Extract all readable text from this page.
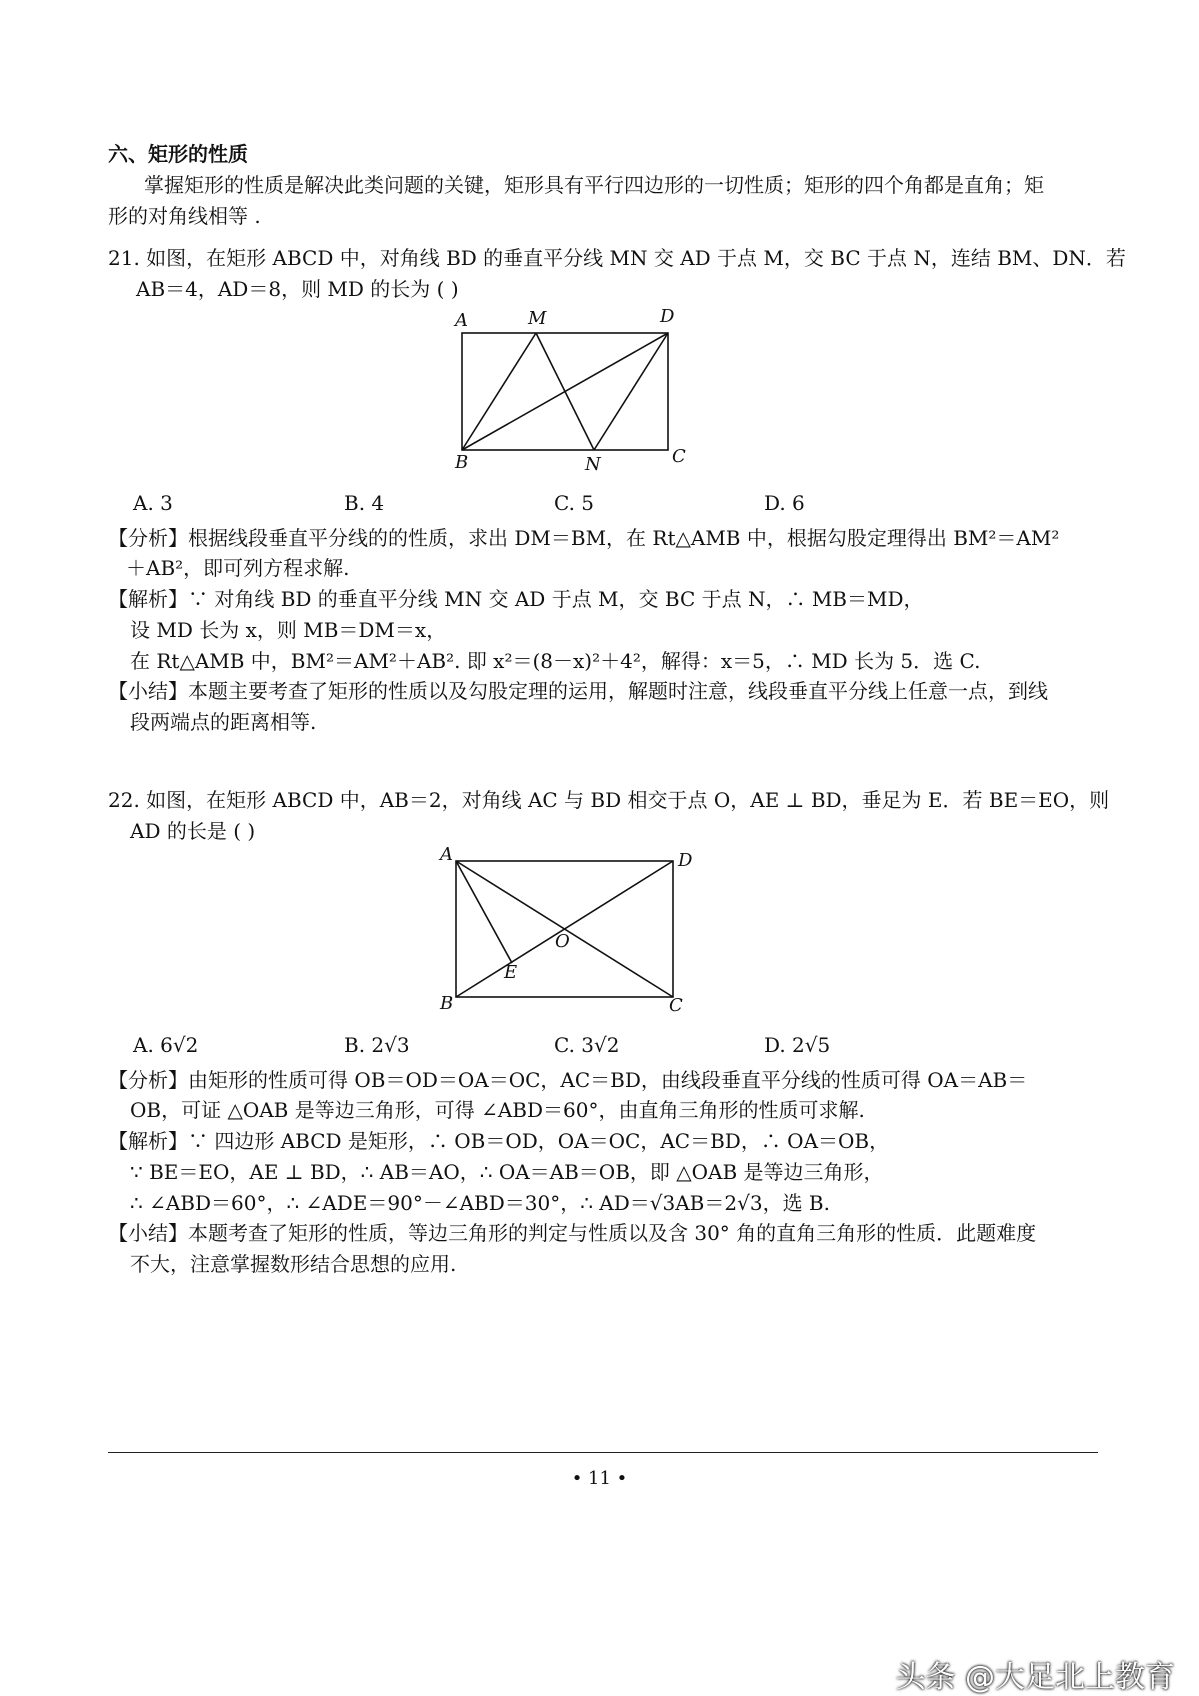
六、矩形的性质
掌握矩形的性质是解决此类问题的关键，矩形具有平行四边形的一切性质；矩形的四个角都是直角；矩
形的对角线相等 .
21. 如图，在矩形 ABCD 中，对角线 BD 的垂直平分线 MN 交 AD 于点 M，交 BC 于点 N，连结 BM、DN．若
AB＝4，AD＝8，则 MD 的长为 ( )
A	M	D
B	N	C
A. 3	B. 4	C. 5	D. 6
【分析】根据线段垂直平分线的的性质，求出 DM＝BM，在 Rt△AMB 中，根据勾股定理得出 BM²＝AM²
＋AB²，即可列方程求解.
【解析】∵ 对角线 BD 的垂直平分线 MN 交 AD 于点 M，交 BC 于点 N，∴ MB＝MD，
设 MD 长为 x，则 MB＝DM＝x，
在 Rt△AMB 中，BM²＝AM²＋AB². 即 x²＝(8－x)²＋4²，解得：x＝5，∴ MD 长为 5．选 C.
【小结】本题主要考查了矩形的性质以及勾股定理的运用，解题时注意，线段垂直平分线上任意一点，到线
段两端点的距离相等.
22. 如图，在矩形 ABCD 中，AB＝2，对角线 AC 与 BD 相交于点 O，AE ⊥ BD，垂足为 E．若 BE＝EO，则
AD 的长是 ( )
A	D
O
E
B	C
A. 6√2	B. 2√3	C. 3√2	D. 2√5
【分析】由矩形的性质可得 OB＝OD＝OA＝OC，AC＝BD，由线段垂直平分线的性质可得 OA＝AB＝
OB，可证 △OAB 是等边三角形，可得 ∠ABD＝60°，由直角三角形的性质可求解.
【解析】∵ 四边形 ABCD 是矩形，∴ OB＝OD，OA＝OC，AC＝BD，∴ OA＝OB，
∵ BE＝EO，AE ⊥ BD，∴ AB＝AO，∴ OA＝AB＝OB，即 △OAB 是等边三角形，
∴ ∠ABD＝60°，∴ ∠ADE＝90°－∠ABD＝30°，∴ AD＝√3AB＝2√3，选 B.
【小结】本题考查了矩形的性质，等边三角形的判定与性质以及含 30° 角的直角三角形的性质．此题难度
不大，注意掌握数形结合思想的应用.
• 11 •
头条 @大足北上教育
